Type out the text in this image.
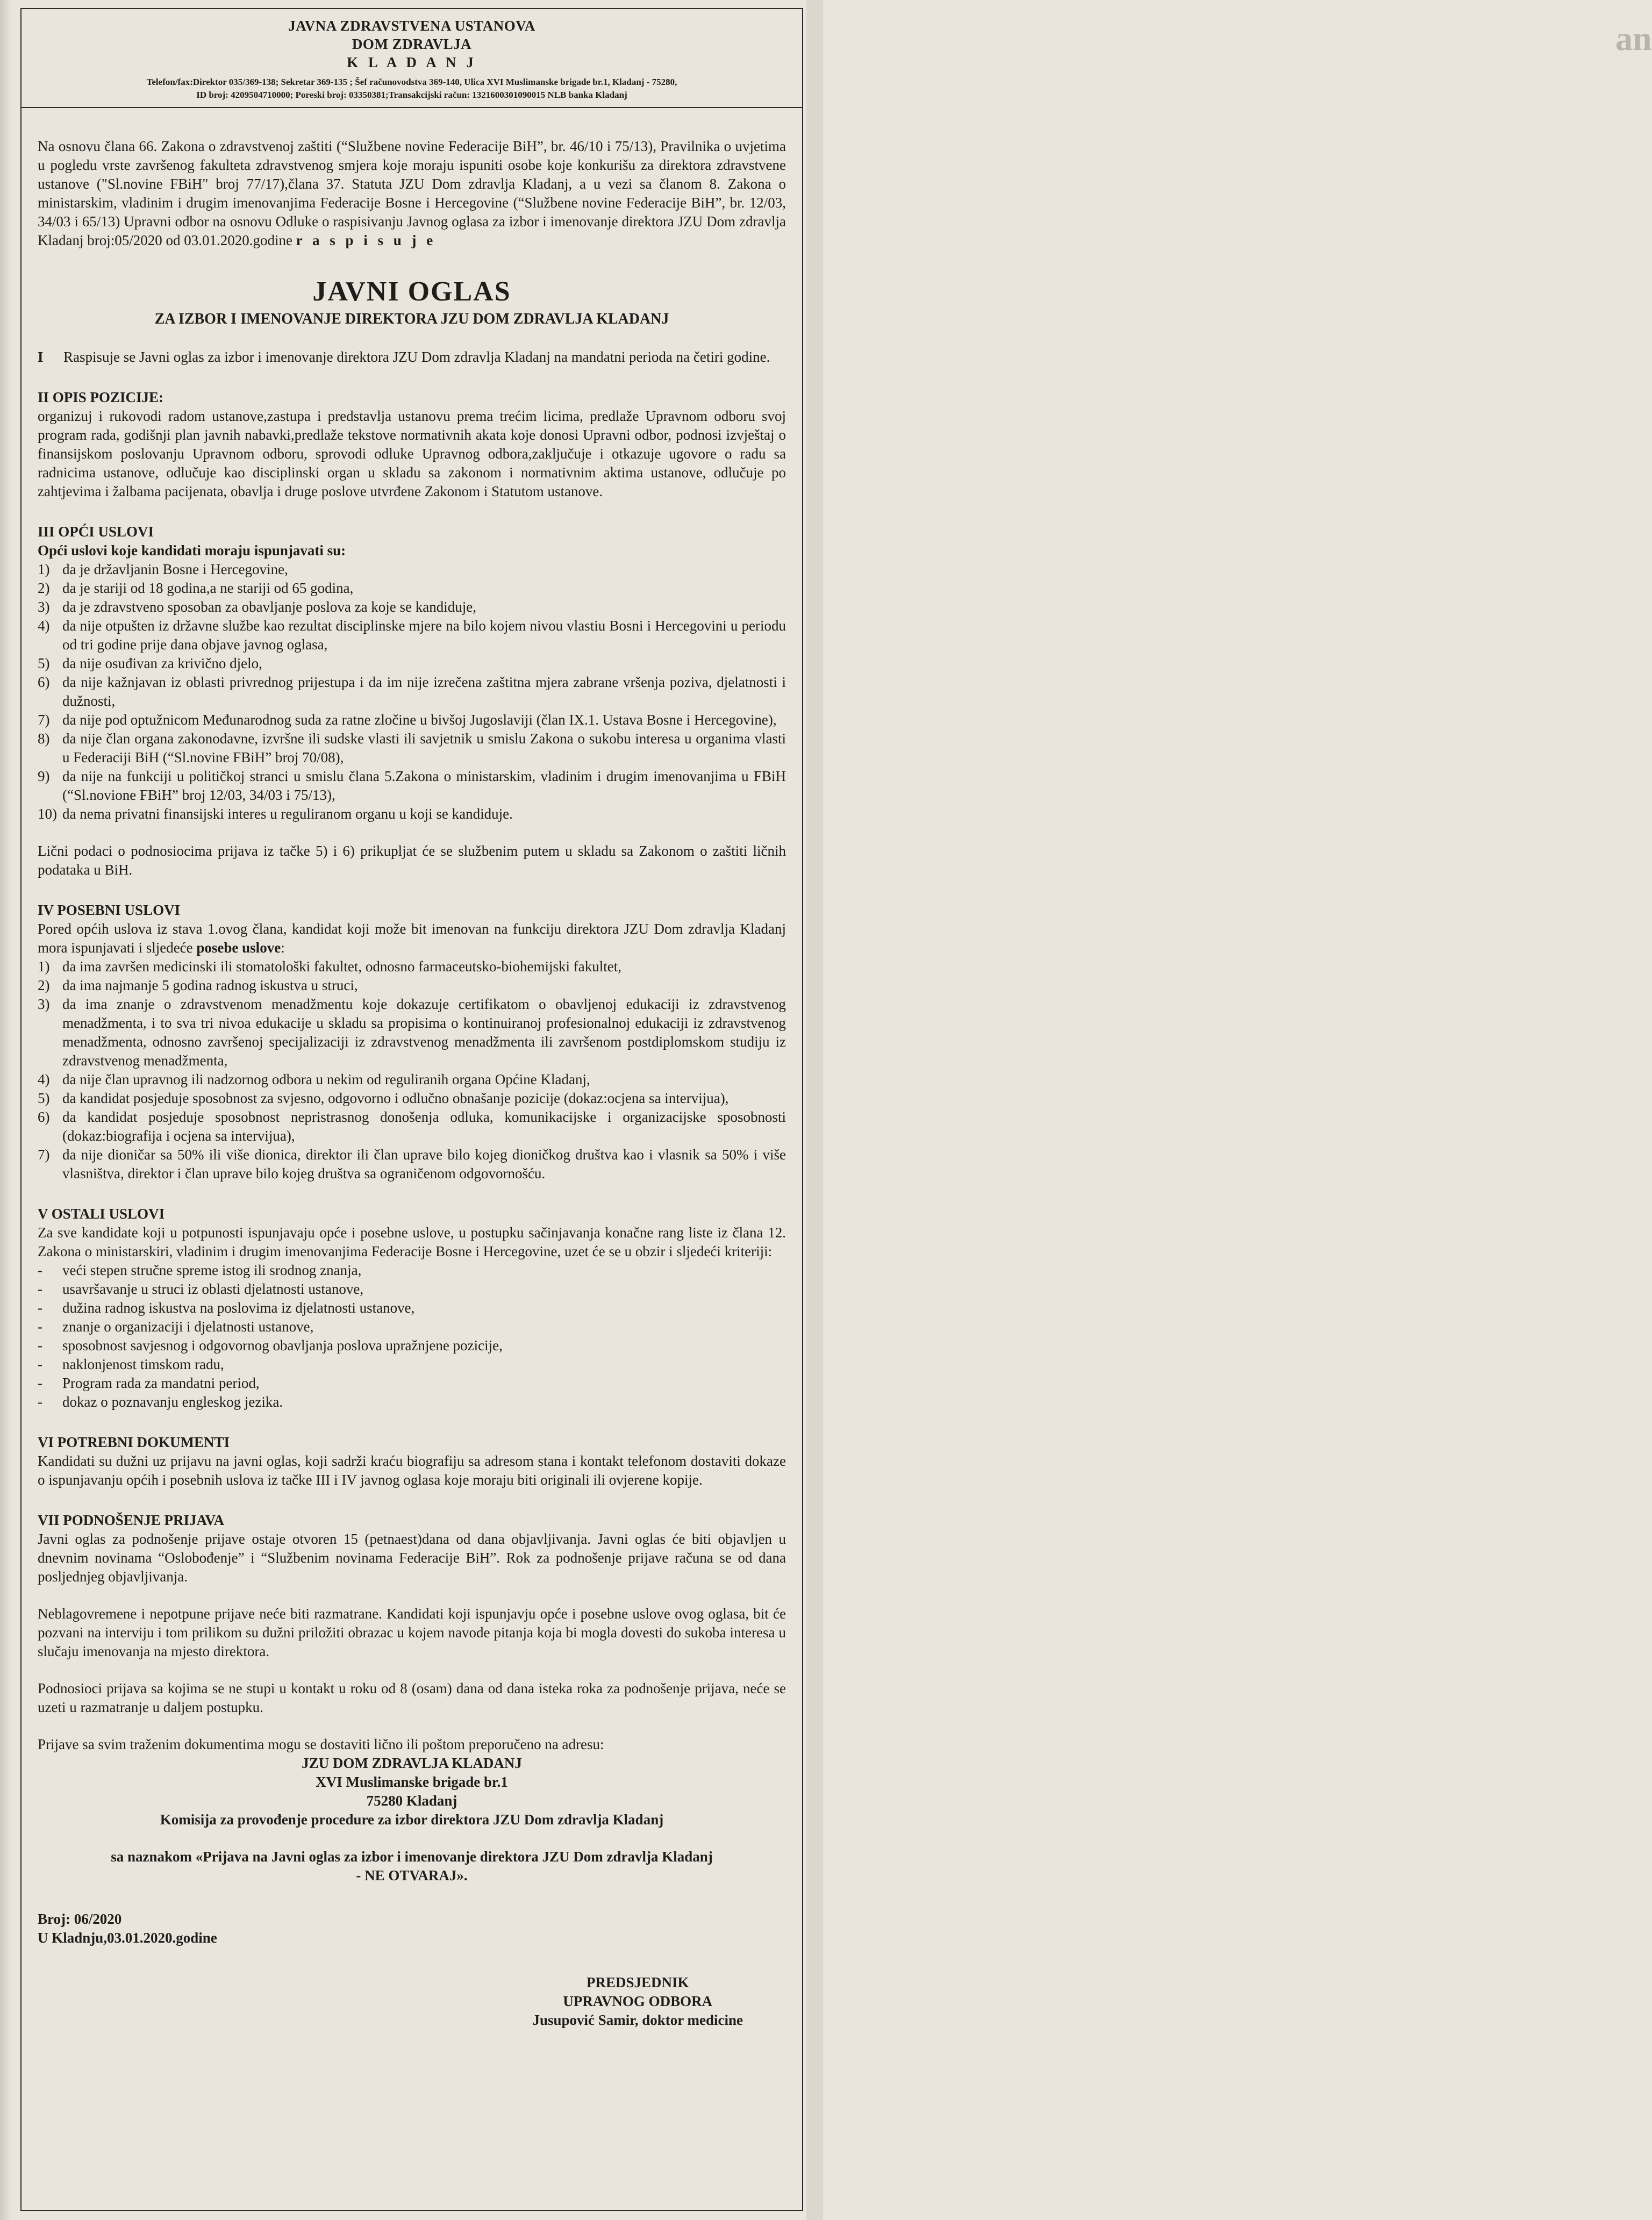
an
JAVNA ZDRAVSTVENA USTANOVA
DOM ZDRAVLJA
K L A D A N J
Telefon/fax:Direktor 035/369-138; Sekretar 369-135 ; Šef računovodstva 369-140, Ulica XVI Muslimanske brigade br.1, Kladanj - 75280,
ID broj: 4209504710000; Poreski broj: 03350381;Transakcijski račun: 1321600301090015 NLB banka Kladanj

Na osnovu člana 66. Zakona o zdravstvenoj zaštiti (“Službene novine Federacije BiH”, br. 46/10 i 75/13), Pravilnika o uvjetima u pogledu vrste završenog fakulteta zdravstvenog smjera koje moraju ispuniti osobe koje konkurišu za direktora zdravstvene ustanove ("Sl.novine FBiH" broj 77/17),člana 37. Statuta JZU Dom zdravlja Kladanj, a u vezi sa članom 8. Zakona o ministarskim, vladinim i drugim imenovanjima Federacije Bosne i Hercegovine (“Službene novine Federacije BiH”, br. 12/03, 34/03 i 65/13) Upravni odbor na osnovu Odluke o raspisivanju Javnog oglasa za izbor i imenovanje direktora JZU Dom zdravlja Kladanj broj:05/2020 od 03.01.2020.godine r a s p i s u j e

JAVNI OGLAS
ZA IZBOR I IMENOVANJE DIREKTORA JZU DOM ZDRAVLJA KLADANJ
I	Raspisuje se Javni oglas za izbor i imenovanje direktora JZU Dom zdravlja Kladanj na mandatni perioda na četiri godine.
II OPIS POZICIJE:

organizuj i rukovodi radom ustanove,zastupa i predstavlja ustanovu prema trećim licima, predlaže Upravnom odboru svoj program rada, godišnji plan javnih nabavki,predlaže tekstove normativnih akata koje donosi Upravni odbor, podnosi izvještaj o finansijskom poslovanju Upravnom odboru, sprovodi odluke Upravnog odbora,zaključuje i otkazuje ugovore o radu sa radnicima ustanove, odlučuje kao disciplinski organ u skladu sa zakonom i normativnim aktima ustanove, odlučuje po zahtjevima i žalbama pacijenata, obavlja i druge poslove utvrđene Zakonom i Statutom ustanove.

III OPĆI USLOVI

Opći uslovi koje kandidati moraju ispunjavati su:

1) da je državljanin Bosne i Hercegovine,
2) da je stariji od 18 godina,a ne stariji od 65 godina,
3) da je zdravstveno sposoban za obavljanje poslova za koje se kandiduje,
4) da nije otpušten iz državne službe kao rezultat disciplinske mjere na bilo kojem nivou vlastiu Bosni i Hercegovini u periodu od tri godine prije dana objave javnog oglasa,
5) da nije osuđivan za krivično djelo,
6) da nije kažnjavan iz oblasti privrednog prijestupa i da im nije izrečena zaštitna mjera zabrane vršenja poziva, djelatnosti i dužnosti,
7) da nije pod optužnicom Međunarodnog suda za ratne zločine u bivšoj Jugoslaviji (član IX.1. Ustava Bosne i Hercegovine),
8) da nije član organa zakonodavne, izvršne ili sudske vlasti ili savjetnik u smislu Zakona o sukobu interesa u organima vlasti u Federaciji BiH (“Sl.novine FBiH” broj 70/08),
9) da nije na funkciji u političkoj stranci u smislu člana 5.Zakona o ministarskim, vladinim i drugim imenovanjima u FBiH (“Sl.novione FBiH” broj 12/03, 34/03 i 75/13),
10) da nema privatni finansijski interes u reguliranom organu u koji se kandiduje.

Lični podaci o podnosiocima prijava iz tačke 5) i 6) prikupljat će se službenim putem u skladu sa Zakonom o zaštiti ličnih podataka u BiH.

IV POSEBNI USLOVI

Pored općih uslova iz stava 1.ovog člana, kandidat koji može bit imenovan na funkciju direktora JZU Dom zdravlja Kladanj mora ispunjavati i sljedeće posebe uslove:

1) da ima završen medicinski ili stomatološki fakultet, odnosno farmaceutsko-biohemijski fakultet,
2) da ima najmanje 5 godina radnog iskustva u struci,
3) da ima znanje o zdravstvenom menadžmentu koje dokazuje certifikatom o obavljenoj edukaciji iz zdravstvenog menadžmenta, i to sva tri nivoa edukacije u skladu sa propisima o kontinuiranoj profesionalnoj edukaciji iz zdravstvenog menadžmenta, odnosno završenoj specijalizaciji iz zdravstvenog menadžmenta ili završenom postdiplomskom studiju iz zdravstvenog menadžmenta,
4) da nije član upravnog ili nadzornog odbora u nekim od reguliranih organa Općine Kladanj,
5) da kandidat posjeduje sposobnost za svjesno, odgovorno i odlučno obnašanje pozicije (dokaz:ocjena sa intervijua),
6) da kandidat posjeduje sposobnost nepristrasnog donošenja odluka, komunikacijske i organizacijske sposobnosti (dokaz:biografija i ocjena sa intervijua),
7) da nije dioničar sa 50% ili više dionica, direktor ili član uprave bilo kojeg dioničkog društva kao i vlasnik sa 50% i više vlasništva, direktor i član uprave bilo kojeg društva sa ograničenom odgovornošću.
V OSTALI USLOVI

Za sve kandidate koji u potpunosti ispunjavaju opće i posebne uslove, u postupku sačinjavanja konačne rang liste iz člana 12. Zakona o ministarskiri, vladinim i drugim imenovanjima Federacije Bosne i Hercegovine, uzet će se u obzir i sljedeći kriteriji:

-	veći stepen stručne spreme istog ili srodnog znanja,
-	usavršavanje u struci iz oblasti djelatnosti ustanove,
-	dužina radnog iskustva na poslovima iz djelatnosti ustanove,
-	znanje o organizaciji i djelatnosti ustanove,
-	sposobnost savjesnog i odgovornog obavljanja poslova upražnjene pozicije,
-	naklonjenost timskom radu,
-	Program rada za mandatni period,
-	dokaz o poznavanju engleskog jezika.
VI POTREBNI DOKUMENTI

Kandidati su dužni uz prijavu na javni oglas, koji sadrži kraću biografiju sa adresom stana i kontakt telefonom dostaviti dokaze o ispunjavanju općih i posebnih uslova iz tačke III i IV javnog oglasa koje moraju biti originali ili ovjerene kopije.

VII PODNOŠENJE PRIJAVA

Javni oglas za podnošenje prijave ostaje otvoren 15 (petnaest)dana od dana objavljivanja. Javni oglas će biti objavljen u dnevnim novinama “Oslobođenje” i “Službenim novinama Federacije BiH”. Rok za podnošenje prijave računa se od dana posljednjeg objavljivanja.

Neblagovremene i nepotpune prijave neće biti razmatrane. Kandidati koji ispunjavju opće i posebne uslove ovog oglasa, bit će pozvani na interviju i tom prilikom su dužni priložiti obrazac u kojem navode pitanja koja bi mogla dovesti do sukoba interesa u slučaju imenovanja na mjesto direktora.

Podnosioci prijava sa kojima se ne stupi u kontakt u roku od 8 (osam) dana od dana isteka roka za podnošenje prijava, neće se uzeti u razmatranje u daljem postupku.

Prijave sa svim traženim dokumentima mogu se dostaviti lično ili poštom preporučeno na adresu:

JZU DOM ZDRAVLJA KLADANJ
XVI Muslimanske brigade br.1
75280 Kladanj
Komisija za provođenje procedure za izbor direktora JZU Dom zdravlja Kladanj
sa naznakom «Prijava na Javni oglas za izbor i imenovanje direktora JZU Dom zdravlja Kladanj
- NE OTVARAJ».
Broj: 06/2020
U Kladnju,03.01.2020.godine
PREDSJEDNIK
UPRAVNOG ODBORA
Jusupović Samir, doktor medicine
